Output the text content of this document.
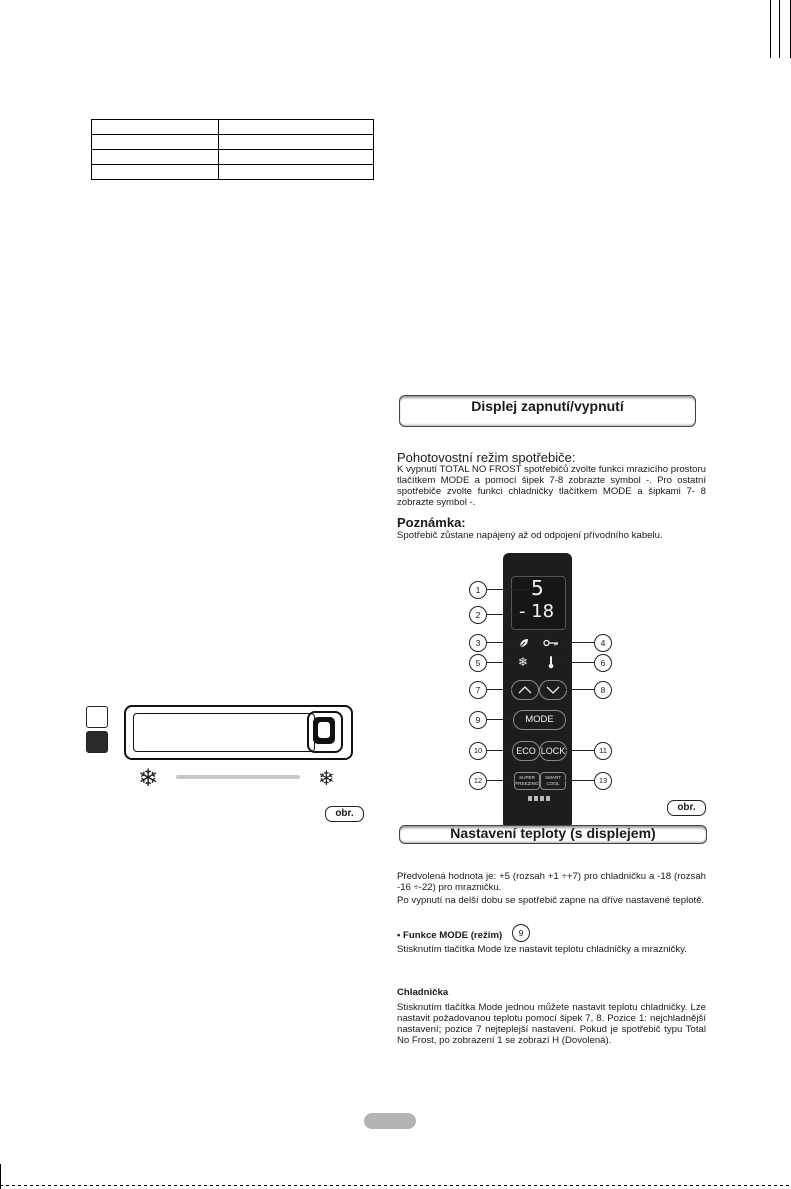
❄	❄
obr.
Displej zapnutí/vypnutí
Pohotovostní režim spotřebiče:
K vypnutí TOTAL NO FROST spotřebičů zvolte funkci mrazicího prostoru tlačítkem MODE a pomocí šipek 7-8 zobrazte symbol -. Pro ostatní spotřebiče zvolte funkci chladničky tlačítkem MODE a šipkami 7- 8 zobrazte symbol -.
Poznámka:
Spotřebič zůstane napájený až od odpojení přívodního kabelu.
5
- 18
❄
MODE
ECO LOCK
SUPER FREEZING
SMART COOL
1
2
3	4
5	6
7	8
9
10	11
12	13
obr.
Nastavení teploty (s displejem)
Předvolená hodnota je: +5 (rozsah +1 ÷+7) pro chladničku a -18 (rozsah -16 ÷-22) pro mrazničku.
Po vypnutí na delší dobu se spotřebič zapne na dříve nastavené teplotě.
• Funkce MODE (režim)	9
Stisknutím tlačítka Mode lze nastavit teplotu chladničky a mrazničky.
Chladnička
Stisknutím tlačítka Mode jednou můžete nastavit teplotu chladničky. Lze nastavit požadovanou teplotu pomocí šipek 7, 8. Pozice 1: nejchladnější nastavení; pozice 7 nejteplejší nastavení. Pokud je spotřebič typu Total No Frost, po zobrazení 1 se zobrazí H (Dovolená).
